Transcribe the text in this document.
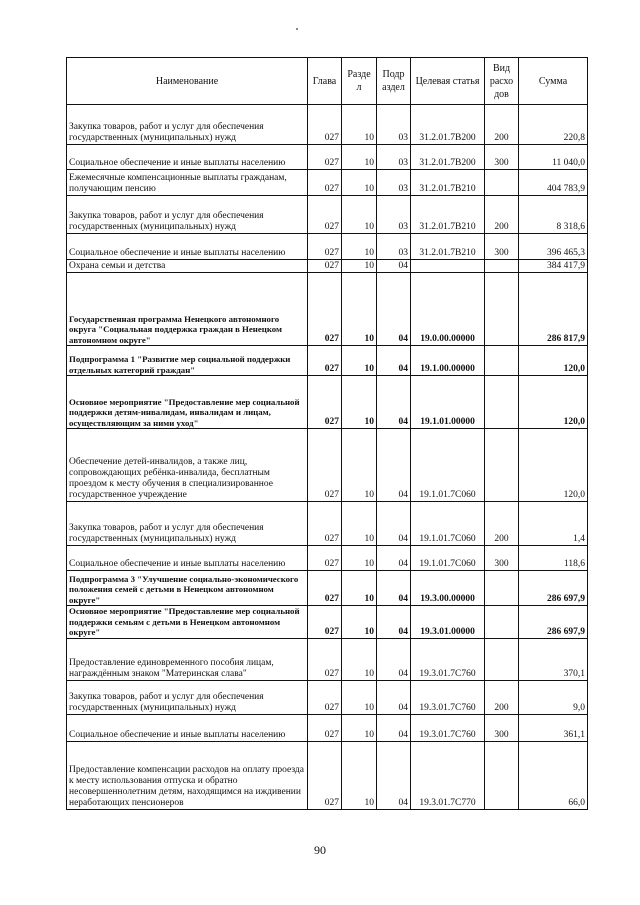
Наименование	Глава	Разде л	Подр аздел	Целевая статья	Вид расхо дов	Сумма
Закупка товаров, работ и услуг для обеспечения государственных (муниципальных) нужд	027	10	03	31.2.01.7В200	200	220,8
Социальное обеспечение и иные выплаты населению	027	10	03	31.2.01.7В200	300	11 040,0
Ежемесячные компенсационные выплаты гражданам, получающим пенсию	027	10	03	31.2.01.7В210		404 783,9
Закупка товаров, работ и услуг для обеспечения государственных (муниципальных) нужд	027	10	03	31.2.01.7В210	200	8 318,6
Социальное обеспечение и иные выплаты населению	027	10	03	31.2.01.7В210	300	396 465,3
Охрана семьи и детства	027	10	04			384 417,9
Государственная программа Ненецкого автономного округа "Социальная поддержка граждан в Ненецком автономном округе"	027	10	04	19.0.00.00000		286 817,9
Подпрограмма 1 "Развитие мер социальной поддержки отдельных категорий граждан"	027	10	04	19.1.00.00000		120,0
Основное мероприятие "Предоставление мер социальной поддержки детям-инвалидам, инвалидам и лицам, осуществляющим за ними уход"	027	10	04	19.1.01.00000		120,0
Обеспечение детей-инвалидов, а также лиц, сопровождающих ребёнка-инвалида, бесплатным проездом к месту обучения в специализированное государственное учреждение	027	10	04	19.1.01.7С060		120,0
Закупка товаров, работ и услуг для обеспечения государственных (муниципальных) нужд	027	10	04	19.1.01.7С060	200	1,4
Социальное обеспечение и иные выплаты населению	027	10	04	19.1.01.7С060	300	118,6
Подпрограмма 3 "Улучшение социально-экономического положения семей с детьми в Ненецком автономном округе"	027	10	04	19.3.00.00000		286 697,9
Основное мероприятие "Предоставление мер социальной поддержки семьям с детьми в Ненецком автономном округе"	027	10	04	19.3.01.00000		286 697,9
Предоставление единовременного пособия лицам, награждённым знаком "Материнская слава"	027	10	04	19.3.01.7С760		370,1
Закупка товаров, работ и услуг для обеспечения государственных (муниципальных) нужд	027	10	04	19.3.01.7С760	200	9,0
Социальное обеспечение и иные выплаты населению	027	10	04	19.3.01.7С760	300	361,1
Предоставление компенсации расходов на оплату проезда к месту использования отпуска и обратно несовершеннолетним детям, находящимся на иждивении неработающих пенсионеров	027	10	04	19.3.01.7С770		66,0
90
